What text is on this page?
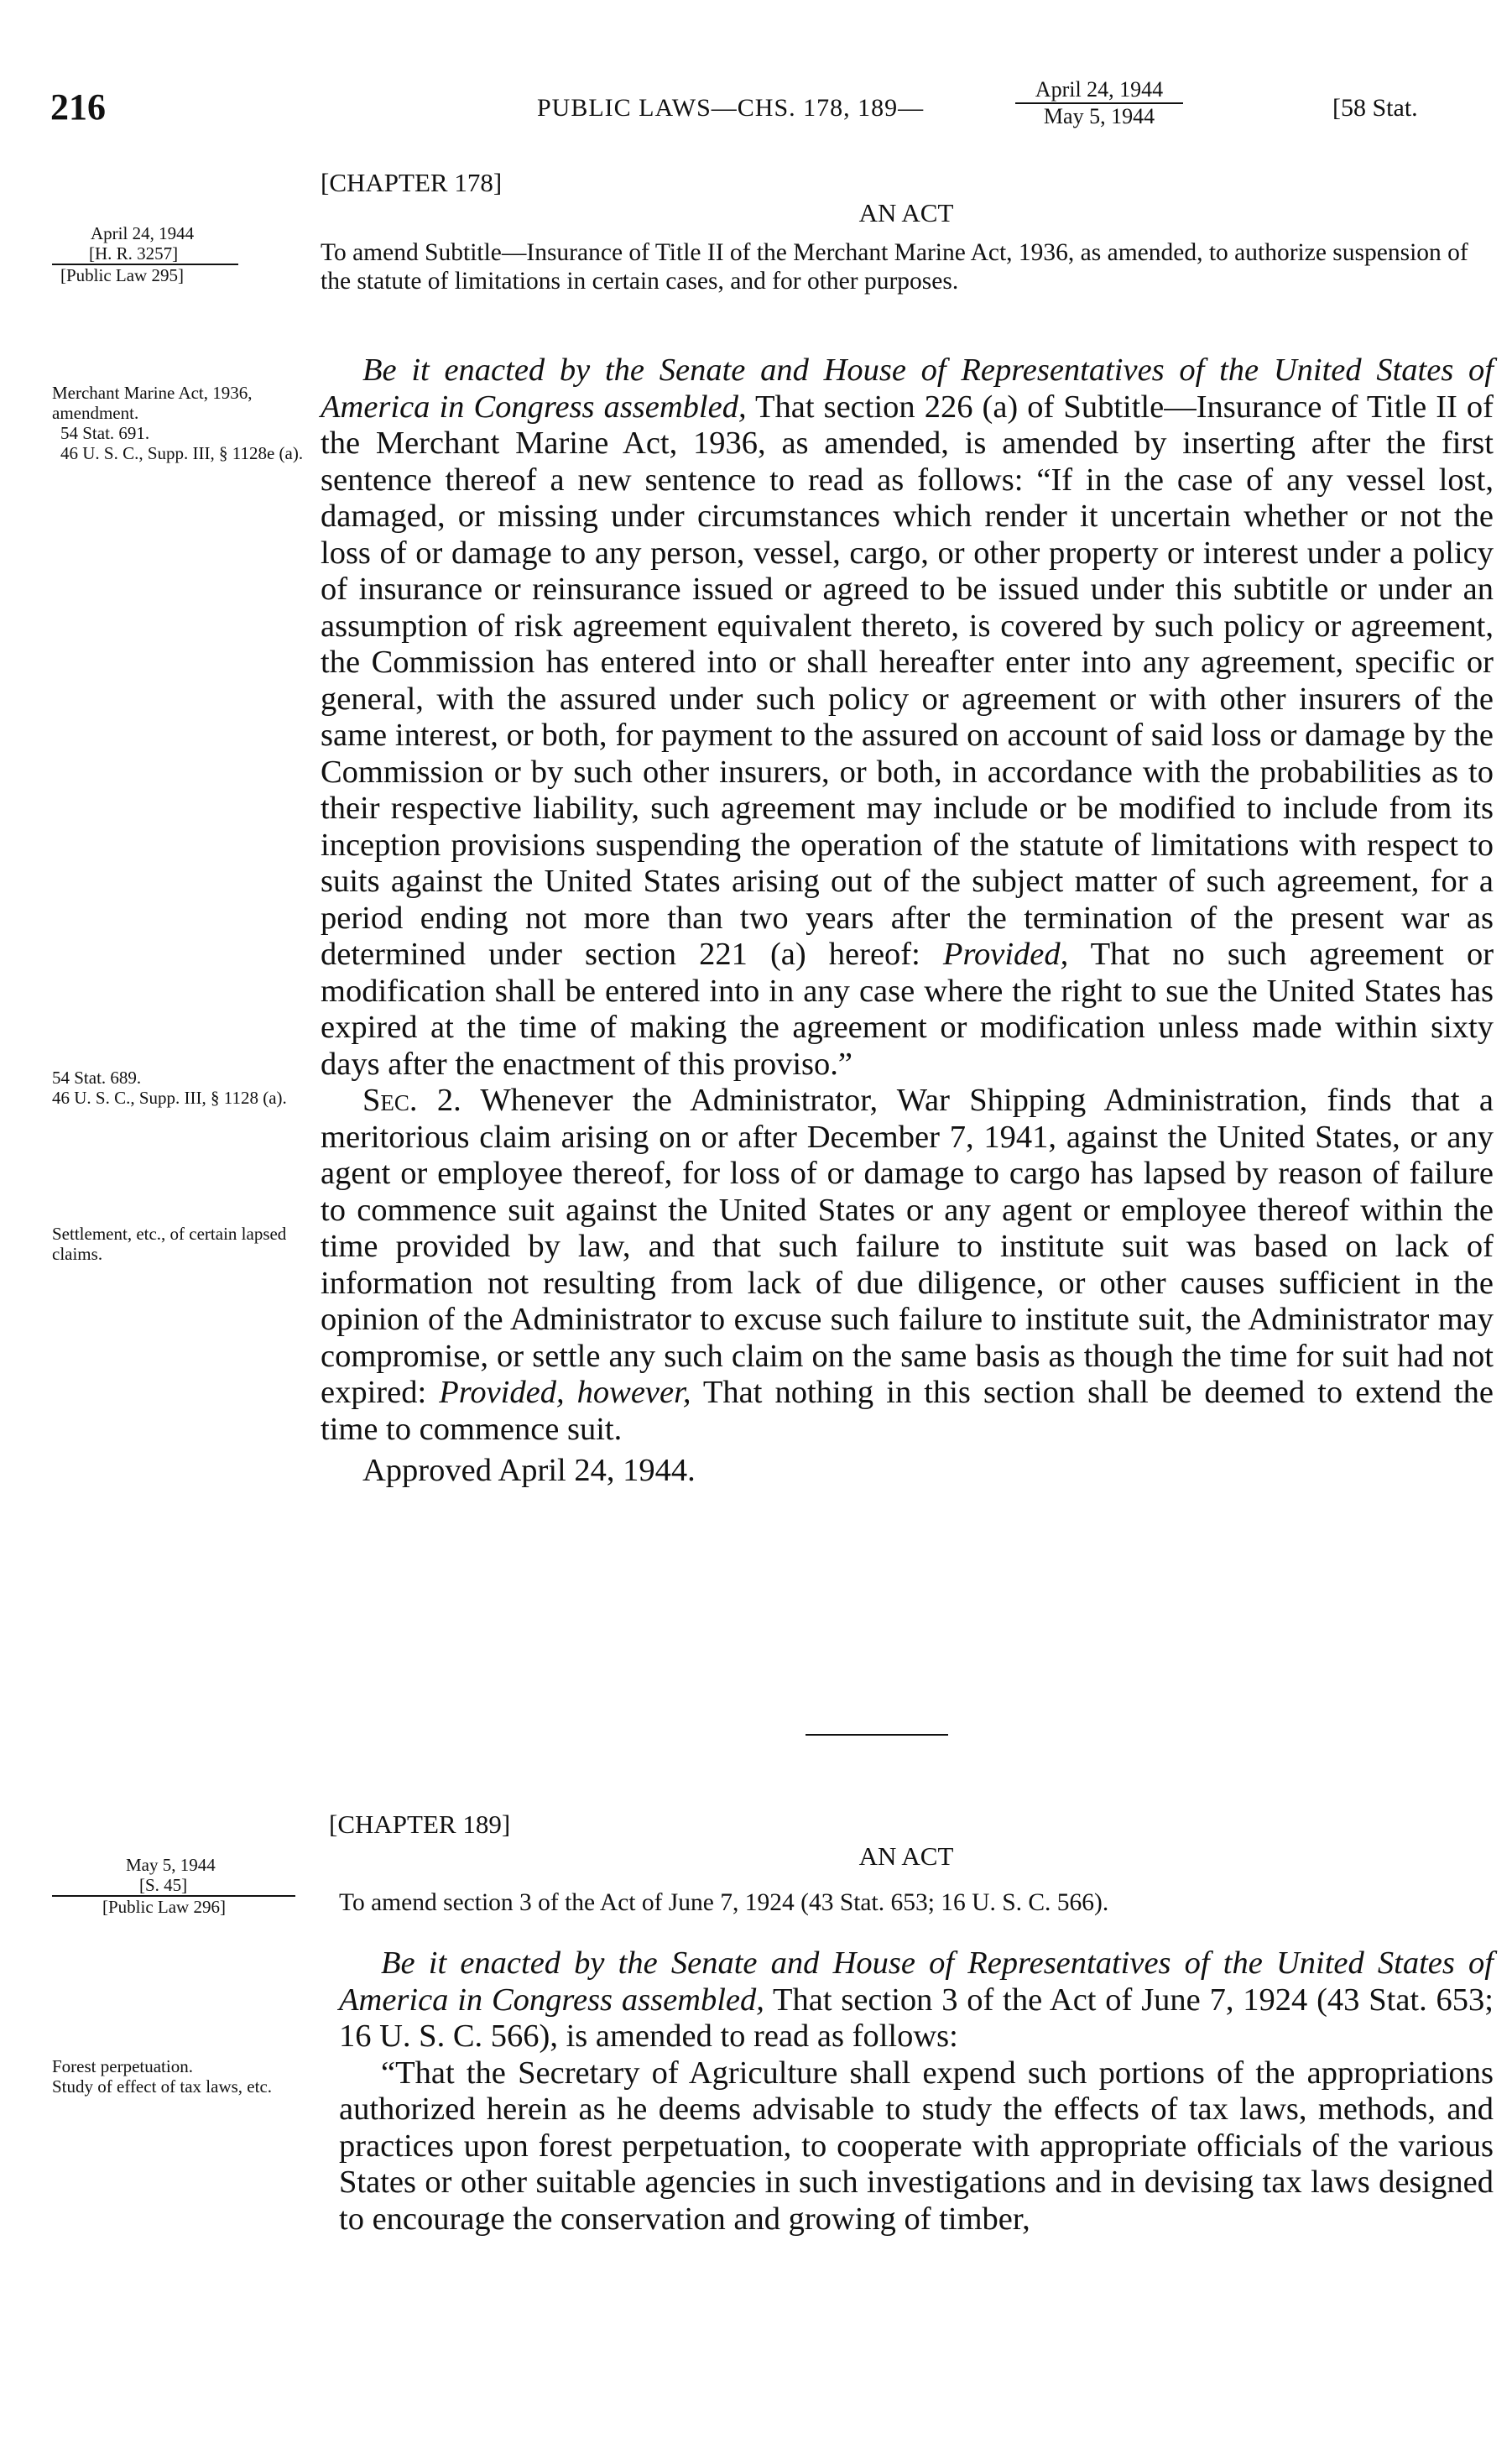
216	PUBLIC LAWS—CHS. 178, 189—
April 24, 1944
May 5, 1944	[58 Stat.
[CHAPTER 178]
AN ACT
April 24, 1944
[H. R. 3257]
[Public Law 295]
To amend Subtitle—Insurance of Title II of the Merchant Marine Act, 1936, as amended, to authorize suspension of the statute of limitations in certain cases, and for other purposes.
Merchant Marine Act, 1936, amendment.
54 Stat. 691.
46 U. S. C., Supp. III, § 1128e (a).
54 Stat. 689.
46 U. S. C., Supp. III, § 1128 (a).
Settlement, etc., of certain lapsed claims.

Be it enacted by the Senate and House of Representatives of the United States of America in Congress assembled, That section 226 (a) of Subtitle—Insurance of Title II of the Merchant Marine Act, 1936, as amended, is amended by inserting after the first sentence thereof a new sentence to read as follows: “If in the case of any vessel lost, damaged, or missing under circumstances which render it uncertain whether or not the loss of or damage to any person, vessel, cargo, or other property or interest under a policy of insurance or reinsurance issued or agreed to be issued under this subtitle or under an assumption of risk agreement equivalent thereto, is covered by such policy or agreement, the Commission has entered into or shall hereafter enter into any agreement, specific or general, with the assured under such policy or agreement or with other insurers of the same interest, or both, for payment to the assured on account of said loss or damage by the Commission or by such other insurers, or both, in accordance with the probabilities as to their respective liability, such agreement may include or be modified to include from its inception provisions suspending the operation of the statute of limitations with respect to suits against the United States arising out of the subject matter of such agreement, for a period ending not more than two years after the termination of the present war as determined under section 221 (a) hereof: Provided, That no such agreement or modification shall be entered into in any case where the right to sue the United States has expired at the time of making the agreement or modification unless made within sixty days after the enactment of this proviso.”

Sec. 2. Whenever the Administrator, War Shipping Administration, finds that a meritorious claim arising on or after December 7, 1941, against the United States, or any agent or employee thereof, for loss of or damage to cargo has lapsed by reason of failure to commence suit against the United States or any agent or employee thereof within the time provided by law, and that such failure to institute suit was based on lack of information not resulting from lack of due diligence, or other causes sufficient in the opinion of the Administrator to excuse such failure to institute suit, the Administrator may compromise, or settle any such claim on the same basis as though the time for suit had not expired: Provided, however, That nothing in this section shall be deemed to extend the time to commence suit.

Approved April 24, 1944.

[CHAPTER 189]
AN ACT
May 5, 1944
[S. 45]
[Public Law 296]	To amend section 3 of the Act of June 7, 1924 (43 Stat. 653; 16 U. S. C. 566).
Forest perpetuation.
Study of effect of tax laws, etc.

Be it enacted by the Senate and House of Representatives of the United States of America in Congress assembled, That section 3 of the Act of June 7, 1924 (43 Stat. 653; 16 U. S. C. 566), is amended to read as follows:

“That the Secretary of Agriculture shall expend such portions of the appropriations authorized herein as he deems advisable to study the effects of tax laws, methods, and practices upon forest perpetuation, to cooperate with appropriate officials of the various States or other suitable agencies in such investigations and in devising tax laws designed to encourage the conservation and growing of timber,
